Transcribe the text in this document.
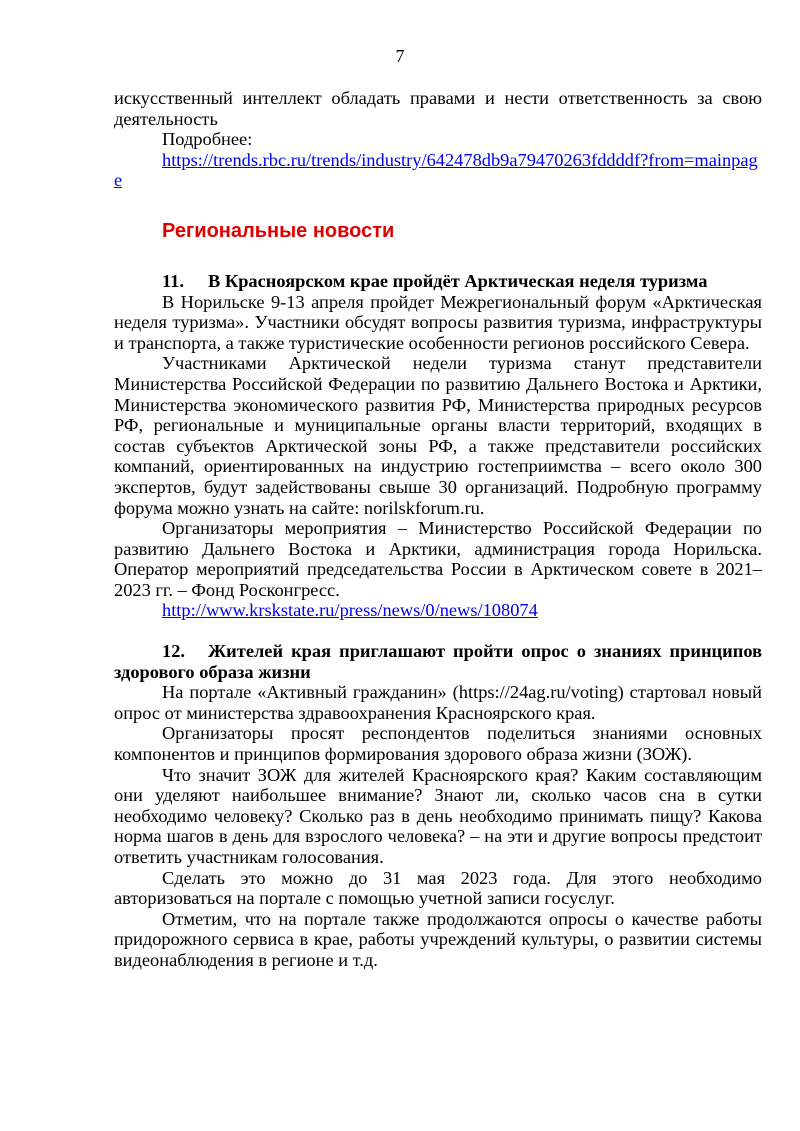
7

искусственный интеллект обладать правами и нести ответственность за свою деятельность

Подробнее:

https://trends.rbc.ru/trends/industry/642478db9a79470263fddddf?from=mainpage

Региональные новости
11. В Красноярском крае пройдёт Арктическая неделя туризма

В Норильске 9-13 апреля пройдет Межрегиональный форум «Арктическая неделя туризма». Участники обсудят вопросы развития туризма, инфраструктуры и транспорта, а также туристические особенности регионов российского Севера.

Участниками Арктической недели туризма станут представители Министерства Российской Федерации по развитию Дальнего Востока и Арктики, Министерства экономического развития РФ, Министерства природных ресурсов РФ, региональные и муниципальные органы власти территорий, входящих в состав субъектов Арктической зоны РФ, а также представители российских компаний, ориентированных на индустрию гостеприимства – всего около 300 экспертов, будут задействованы свыше 30 организаций. Подробную программу форума можно узнать на сайте: norilskforum.ru.

Организаторы мероприятия – Министерство Российской Федерации по развитию Дальнего Востока и Арктики, администрация города Норильска. Оператор мероприятий председательства России в Арктическом совете в 2021–2023 гг. – Фонд Росконгресс.

http://www.krskstate.ru/press/news/0/news/108074

12. Жителей края приглашают пройти опрос о знаниях принципов здорового образа жизни

На портале «Активный гражданин» (https://24ag.ru/voting) стартовал новый опрос от министерства здравоохранения Красноярского края.

Организаторы просят респондентов поделиться знаниями основных компонентов и принципов формирования здорового образа жизни (ЗОЖ).

Что значит ЗОЖ для жителей Красноярского края? Каким составляющим они уделяют наибольшее внимание? Знают ли, сколько часов сна в сутки необходимо человеку? Сколько раз в день необходимо принимать пищу? Какова норма шагов в день для взрослого человека? – на эти и другие вопросы предстоит ответить участникам голосования.

Сделать это можно до 31 мая 2023 года. Для этого необходимо авторизоваться на портале с помощью учетной записи госуслуг.

Отметим, что на портале также продолжаются опросы о качестве работы придорожного сервиса в крае, работы учреждений культуры, о развитии системы видеонаблюдения в регионе и т.д.
